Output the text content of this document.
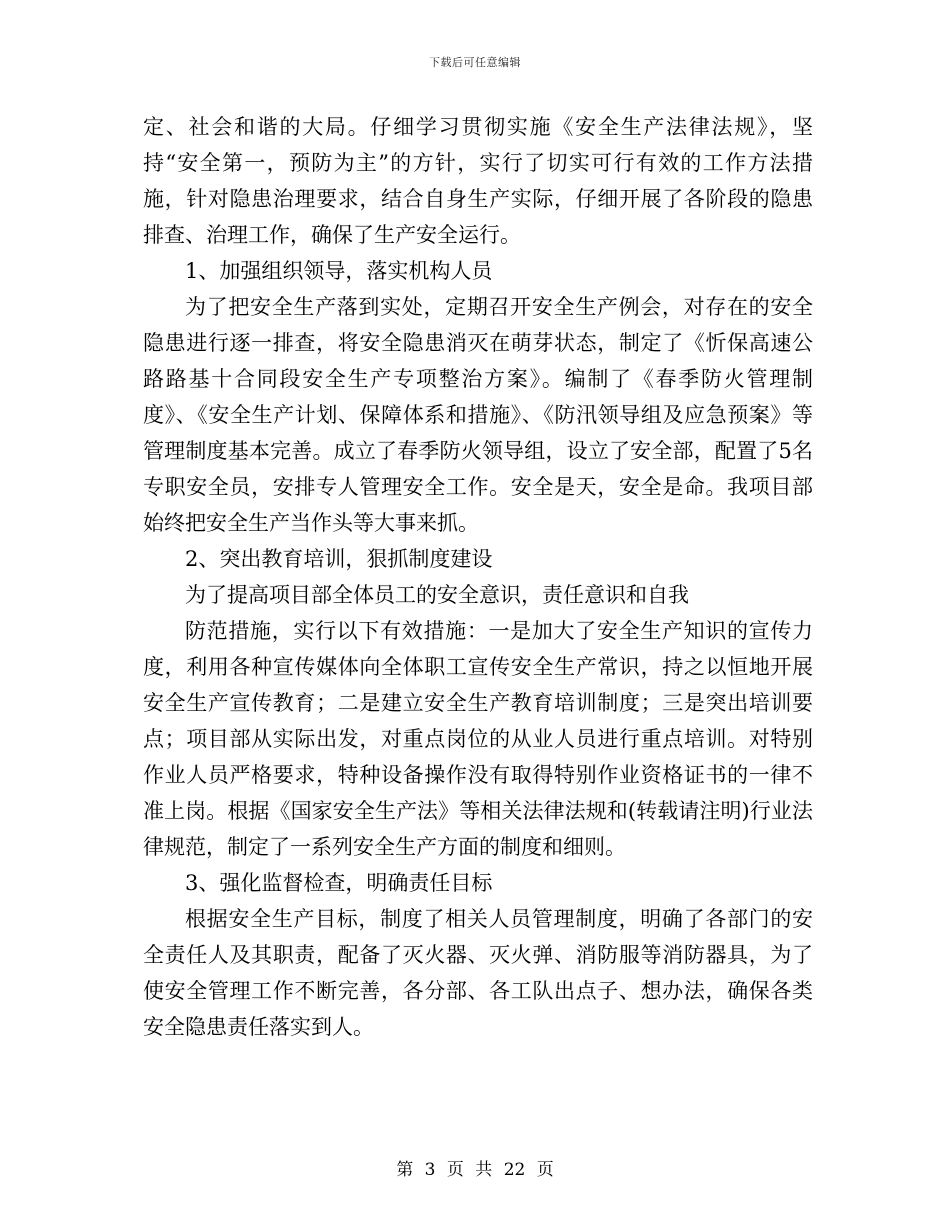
下载后可任意编辑

定、社会和谐的大局。仔细学习贯彻实施《安全生产法律法规》，坚持“安全第一，预防为主”的方针，实行了切实可行有效的工作方法措施，针对隐患治理要求，结合自身生产实际，仔细开展了各阶段的隐患排查、治理工作，确保了生产安全运行。

1、加强组织领导，落实机构人员

为了把安全生产落到实处，定期召开安全生产例会，对存在的安全隐患进行逐一排查，将安全隐患消灭在萌芽状态，制定了《忻保高速公路路基十合同段安全生产专项整治方案》。编制了《春季防火管理制度》、《安全生产计划、保障体系和措施》、《防汛领导组及应急预案》等管理制度基本完善。成立了春季防火领导组，设立了安全部，配置了5名专职安全员，安排专人管理安全工作。安全是天，安全是命。我项目部始终把安全生产当作头等大事来抓。

2、突出教育培训，狠抓制度建设

为了提高项目部全体员工的安全意识，责任意识和自我

防范措施，实行以下有效措施：一是加大了安全生产知识的宣传力度，利用各种宣传媒体向全体职工宣传安全生产常识，持之以恒地开展安全生产宣传教育；二是建立安全生产教育培训制度；三是突出培训要点；项目部从实际出发，对重点岗位的从业人员进行重点培训。对特别作业人员严格要求，特种设备操作没有取得特别作业资格证书的一律不准上岗。根据《国家安全生产法》等相关法律法规和(转载请注明)行业法律规范，制定了一系列安全生产方面的制度和细则。

3、强化监督检查，明确责任目标

根据安全生产目标，制度了相关人员管理制度，明确了各部门的安全责任人及其职责，配备了灭火器、灭火弹、消防服等消防器具，为了使安全管理工作不断完善，各分部、各工队出点子、想办法，确保各类安全隐患责任落实到人。

第 3 页 共 22 页
